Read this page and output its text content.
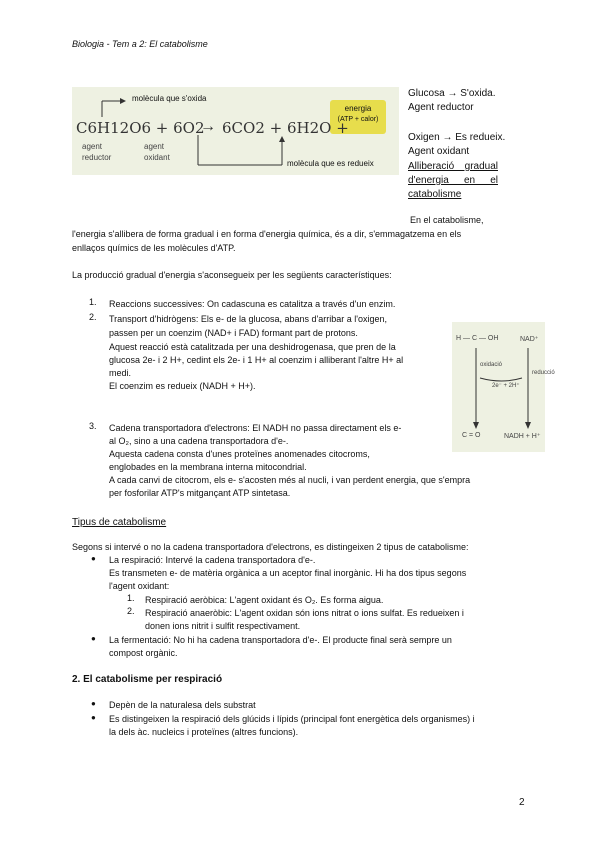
Biologia - Tem a 2: El catabolisme
molècula que s'oxida
C6H12O6 + 6O2
→ 6CO2 + 6H2O +
energia
(ATP + calor)
agent reductor
agent oxidant
molècula que es redueix
Glucosa → S'oxida.
Agent reductor
Oxigen → Es redueix.
Agent oxidant
Alliberació gradual d'energia en el catabolisme
En el catabolisme,
l'energia s'allibera de forma gradual i en forma d'energia química, és a dir, s'emmagatzema en els
enllaços químics de les molècules d'ATP.
La producció gradual d'energia s'aconsegueix per les següents característiques:
1. Reaccions successives: On cadascuna es catalitza a través d'un enzim.
2. Transport d'hidrògens: Els e- de la glucosa, abans d'arribar a l'oxigen,
passen per un coenzim (NAD+ i FAD) formant part de protons.
Aquest reacció està catalitzada per una deshidrogenasa, que pren de la
glucosa 2e- i 2 H+, cedint els 2e- i 1 H+ al coenzim i alliberant l'altre H+ al
medi.
El coenzim es redueix (NADH + H+).
3. Cadena transportadora d'electrons: El NADH no passa directament els e-
al O₂, sino a una cadena transportadora d'e-.
Aquesta cadena consta d'unes proteïnes anomenades citocroms,
englobades en la membrana interna mitocondrial.
A cada canvi de citocrom, els e- s'acosten més al nucli, i van perdent energia, que s'empra
per fosforilar ATP's mitgançant ATP sintetasa.
H — C — OH	NAD⁺
oxidació
2e⁻ + 2H⁺
reducció
C = O	NADH + H⁺
Tipus de catabolisme
Segons si intervé o no la cadena transportadora d'electrons, es distingeixen 2 tipus de catabolisme:
● La respiració: Intervé la cadena transportadora d'e-.
Es transmeten e- de matèria orgànica a un aceptor final inorgànic. Hi ha dos tipus segons
l'agent oxidant:
1. Respiració aeròbica: L'agent oxidant és O₂. Es forma aigua.
2. Respiració anaeròbic: L'agent oxidan són ions nitrat o ions sulfat. Es redueixen i
donen ions nitrit i sulfit respectivament.
● La fermentació: No hi ha cadena transportadora d'e-. El producte final serà sempre un
compost orgànic.
2. El catabolisme per respiració
● Depèn de la naturalesa dels substrat
● Es distingeixen la respiració dels glúcids i lípids (principal font energètica dels organismes) i
la dels àc. nucleics i proteïnes (altres funcions).
2
